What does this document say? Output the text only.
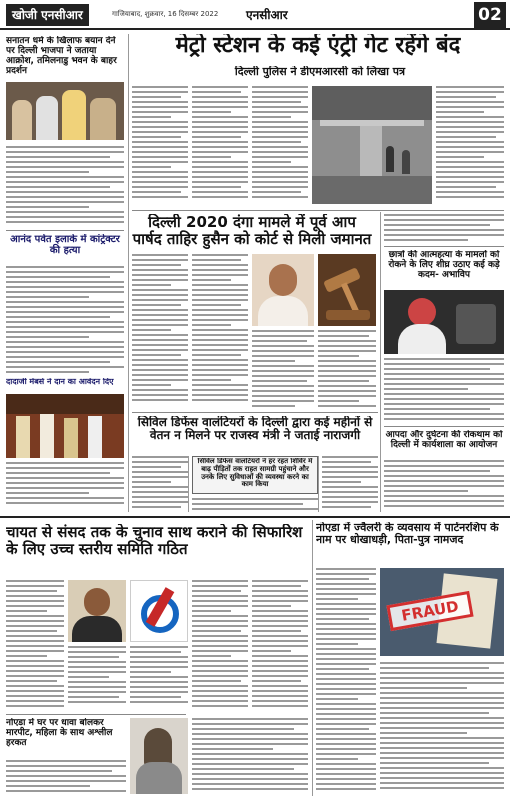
खोजी एनसीआर	गाजियाबाद, शुक्रवार, 16 दिसम्बर 2022 एनसीआर	02
सनातन धर्म के खिलाफ बयान देने पर दिल्ली भाजपा ने जताया आक्रोश, तमिलनाडु भवन के बाहर प्रदर्शन
आनंद पर्वत इलाके में कांट्रेक्टर की हत्या
दादाजी मेंबर्स ने दान का आवेदन दिए
मेट्रो स्टेशन के कई एंट्री गेट रहेंगे बंद
दिल्ली पुलिस ने डीएमआरसी को लिखा पत्र
दिल्ली 2020 दंगा मामले में पूर्व आप पार्षद ताहिर हुसैन को कोर्ट से मिली जमानत
छात्रों की आत्महत्या के मामलों को रोकने के लिए शीघ्र उठाए कई कड़े कदम- अभाविप
आपदा और दुर्घटना की रोकथाम को दिल्ली में कार्यशाला का आयोजन
सिविल डिफेंस वालंटियरों के दिल्ली द्वारा कई महीनों से वेतन न मिलने पर राजस्व मंत्री ने जताई नाराजगी
सिविल डिफेंस वालंटियरों ने हर रहत शिविर में बाढ़ पीड़ितों तक राहत सामग्री पहुंचाने और उनके लिए सुविधाओं की व्यवस्था करने का काम किया
चायत से संसद तक के चुनाव साथ कराने की सिफारिश के लिए उच्च स्तरीय समिति गठित
नोएडा में घर पर धावा बोलकर मारपीट, महिला के साथ अश्लील हरकत
नोएडा में ज्वैलरी के व्यवसाय में पार्टनरशिप के नाम पर धोखाधड़ी, पिता-पुत्र नामजद
FRAUD
